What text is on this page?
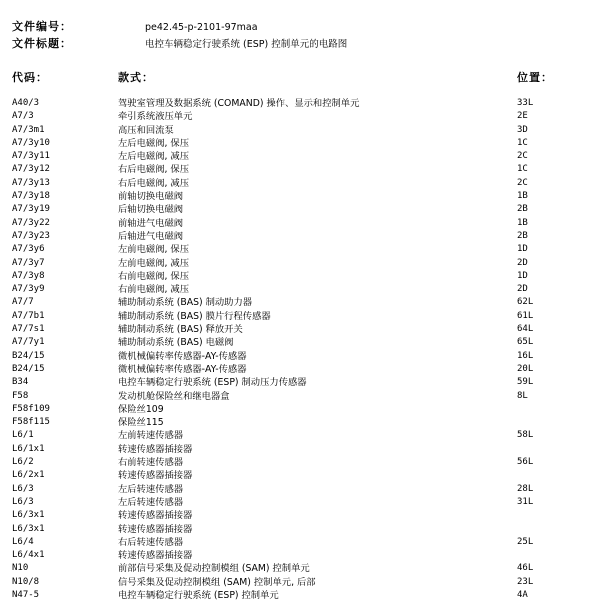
文件编号：	pe42.45-p-2101-97maa
文件标题：	电控车辆稳定行驶系统 (ESP) 控制单元的电路图
代码：	款式：	位置：
A40/3	驾驶室管理及数据系统 (COMAND) 操作、显示和控制单元	33L
A7/3	牵引系统液压单元	2E
A7/3m1	高压和回流泵	3D
A7/3y10	左后电磁阀, 保压	1C
A7/3y11	左后电磁阀, 减压	2C
A7/3y12	右后电磁阀, 保压	1C
A7/3y13	右后电磁阀, 减压	2C
A7/3y18	前轴切换电磁阀	1B
A7/3y19	后轴切换电磁阀	2B
A7/3y22	前轴进气电磁阀	1B
A7/3y23	后轴进气电磁阀	2B
A7/3y6	左前电磁阀, 保压	1D
A7/3y7	左前电磁阀, 减压	2D
A7/3y8	右前电磁阀, 保压	1D
A7/3y9	右前电磁阀, 减压	2D
A7/7	辅助制动系统 (BAS) 制动助力器	62L
A7/7b1	辅助制动系统 (BAS) 膜片行程传感器	61L
A7/7s1	辅助制动系统 (BAS) 释放开关	64L
A7/7y1	辅助制动系统 (BAS) 电磁阀	65L
B24/15	微机械偏转率传感器-AY-传感器	16L
B24/15	微机械偏转率传感器-AY-传感器	20L
B34	电控车辆稳定行驶系统 (ESP) 制动压力传感器	59L
F58	发动机舱保险丝和继电器盒	8L
F58f109	保险丝109
F58f115	保险丝115
L6/1	左前转速传感器	58L
L6/1x1	转速传感器插接器
L6/2	右前转速传感器	56L
L6/2x1	转速传感器插接器
L6/3	左后转速传感器	28L
L6/3	左后转速传感器	31L
L6/3x1	转速传感器插接器
L6/3x1	转速传感器插接器
L6/4	右后转速传感器	25L
L6/4x1	转速传感器插接器
N10	前部信号采集及促动控制模组 (SAM) 控制单元	46L
N10/8	信号采集及促动控制模组 (SAM) 控制单元, 后部	23L
N47-5	电控车辆稳定行驶系统 (ESP) 控制单元	4A
